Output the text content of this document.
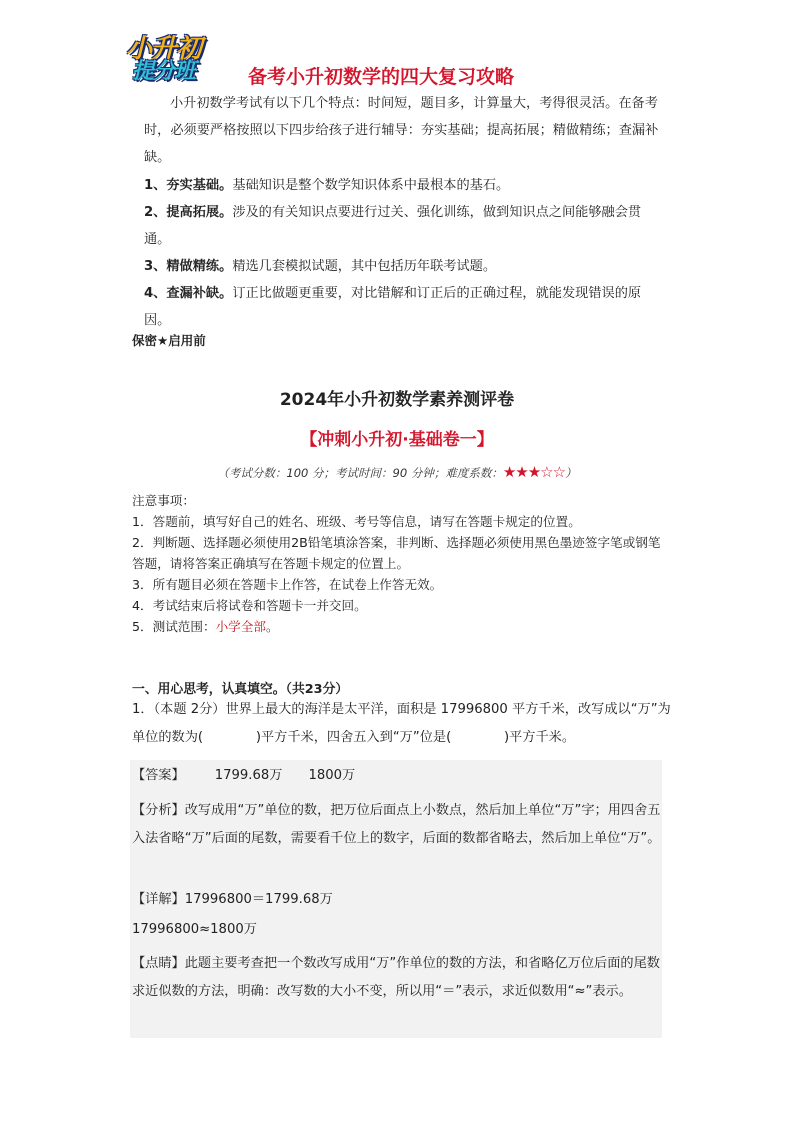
小升初
提分班	备考小升初数学的四大复习攻略
小升初数学考试有以下几个特点：时间短，题目多，计算量大，考得很灵活。在备考时，必须要严格按照以下四步给孩子进行辅导：夯实基础；提高拓展；精做精练；查漏补缺。
1、夯实基础。基础知识是整个数学知识体系中最根本的基石。
2、提高拓展。涉及的有关知识点要进行过关、强化训练，做到知识点之间能够融会贯通。
3、精做精练。精选几套模拟试题，其中包括历年联考试题。
4、查漏补缺。订正比做题更重要，对比错解和订正后的正确过程，就能发现错误的原因。
保密★启用前
2024年小升初数学素养测评卷
【冲刺小升初·基础卷一】
（考试分数：100 分；考试时间：90 分钟；难度系数：★★★☆☆）
注意事项：
1．答题前，填写好自己的姓名、班级、考号等信息，请写在答题卡规定的位置。
2．判断题、选择题必须使用2B铅笔填涂答案，非判断、选择题必须使用黑色墨迹签字笔或钢笔答题，请将答案正确填写在答题卡规定的位置上。
3．所有题目必须在答题卡上作答，在试卷上作答无效。
4．考试结束后将试卷和答题卡一并交回。
5．测试范围：小学全部。
一、用心思考，认真填空。（共23分）
1．（本题 2分）世界上最大的海洋是太平洋，面积是 17996800 平方千米，改写成以“万”为单位的数为(　　　　)平方千米，四舍五入到“万”位是(　　　　)平方千米。
【答案】 1799.68万 1800万
【分析】改写成用“万”单位的数，把万位后面点上小数点，然后加上单位“万”字；用四舍五入法省略“万”后面的尾数，需要看千位上的数字，后面的数都省略去，然后加上单位“万”。
【详解】17996800＝1799.68万
17996800≈1800万
【点睛】此题主要考查把一个数改写成用“万”作单位的数的方法，和省略亿万位后面的尾数求近似数的方法，明确：改写数的大小不变，所以用“＝”表示，求近似数用“≈”表示。
